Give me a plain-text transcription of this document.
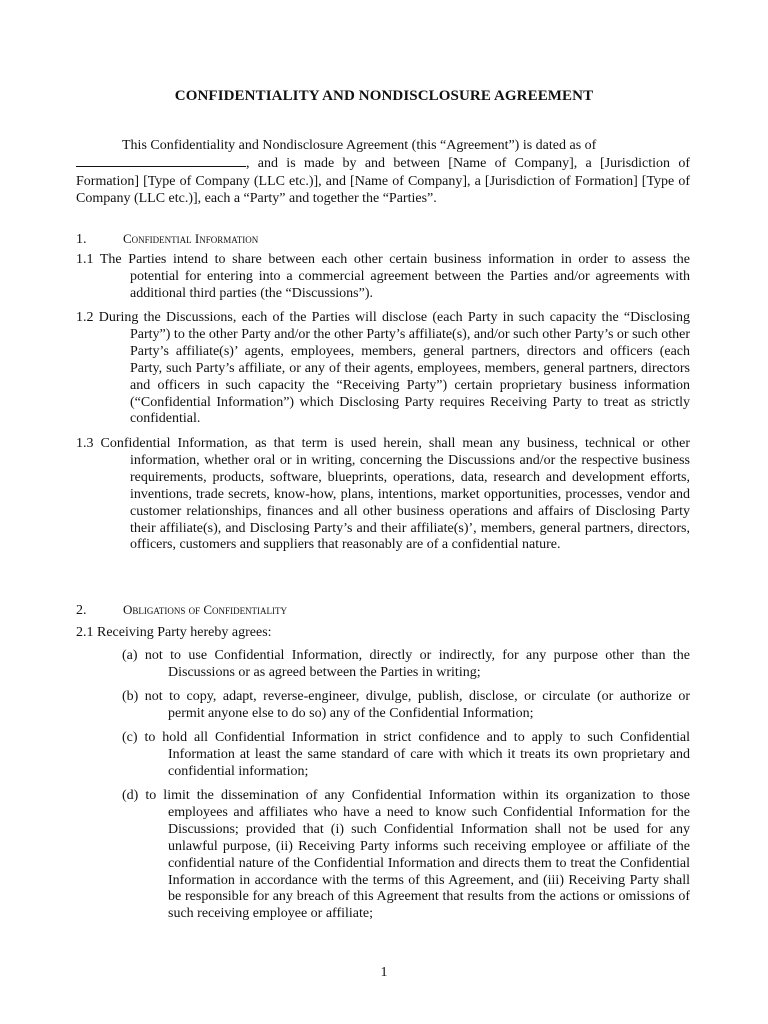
CONFIDENTIALITY AND NONDISCLOSURE AGREEMENT

This Confidentiality and Nondisclosure Agreement (this “Agreement”) is dated as of
, and is made by and between [Name of Company], a [Jurisdiction of Formation] [Type of Company (LLC etc.)], and [Name of Company], a [Jurisdiction of Formation] [Type of Company (LLC etc.)], each a “Party” and together the “Parties”.

1.	Confidential Information

1.1 The Parties intend to share between each other certain business information in order to assess the potential for entering into a commercial agreement between the Parties and/or agreements with additional third parties (the “Discussions”).

1.2 During the Discussions, each of the Parties will disclose (each Party in such capacity the “Disclosing Party”) to the other Party and/or the other Party’s affiliate(s), and/or such other Party’s or such other Party’s affiliate(s)’ agents, employees, members, general partners, directors and officers (each Party, such Party’s affiliate, or any of their agents, employees, members, general partners, directors and officers in such capacity the “Receiving Party”) certain proprietary business information (“Confidential Information”) which Disclosing Party requires Receiving Party to treat as strictly confidential.

1.3 Confidential Information, as that term is used herein, shall mean any business, technical or other information, whether oral or in writing, concerning the Discussions and/or the respective business requirements, products, software, blueprints, operations, data, research and development efforts, inventions, trade secrets, know-how, plans, intentions, market opportunities, processes, vendor and customer relationships, finances and all other business operations and affairs of Disclosing Party their affiliate(s), and Disclosing Party’s and their affiliate(s)’, members, general partners, directors, officers, customers and suppliers that reasonably are of a confidential nature.

2.	Obligations of Confidentiality

2.1 Receiving Party hereby agrees:

(a) not to use Confidential Information, directly or indirectly, for any purpose other than the Discussions or as agreed between the Parties in writing;

(b) not to copy, adapt, reverse-engineer, divulge, publish, disclose, or circulate (or authorize or permit anyone else to do so) any of the Confidential Information;

(c) to hold all Confidential Information in strict confidence and to apply to such Confidential Information at least the same standard of care with which it treats its own proprietary and confidential information;

(d) to limit the dissemination of any Confidential Information within its organization to those employees and affiliates who have a need to know such Confidential Information for the Discussions; provided that (i) such Confidential Information shall not be used for any unlawful purpose, (ii) Receiving Party informs such receiving employee or affiliate of the confidential nature of the Confidential Information and directs them to treat the Confidential Information in accordance with the terms of this Agreement, and (iii) Receiving Party shall be responsible for any breach of this Agreement that results from the actions or omissions of such receiving employee or affiliate;

1
